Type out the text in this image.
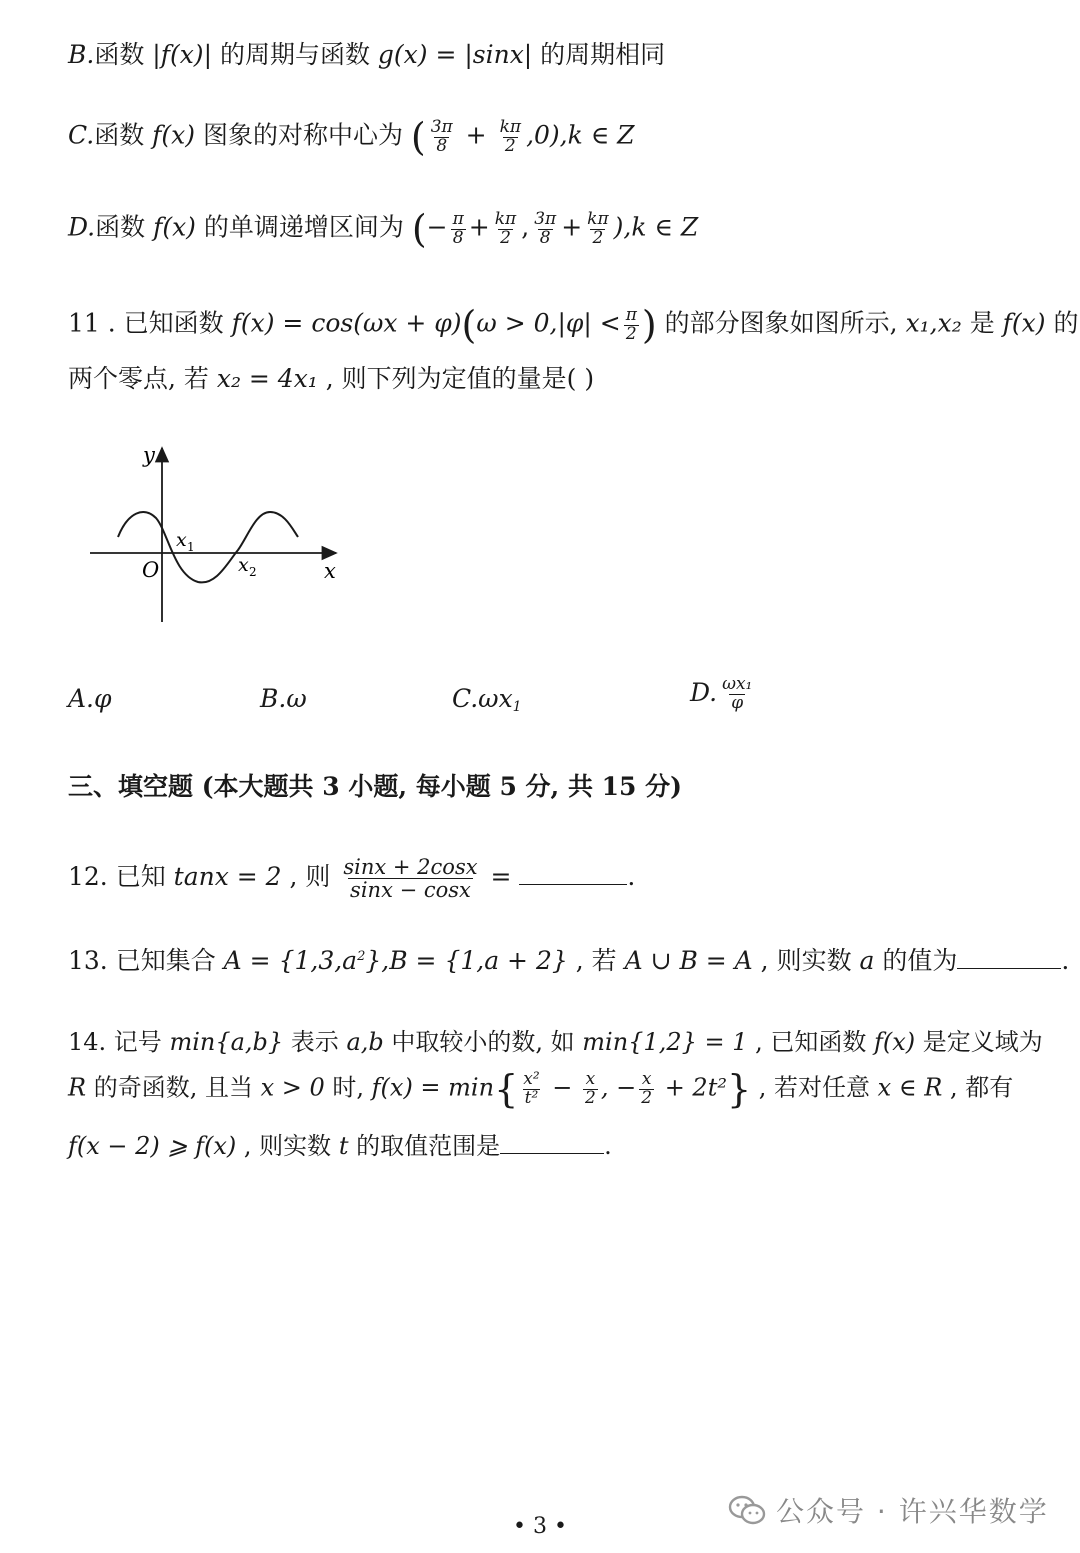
B.函数 |f(x)| 的周期与函数 g(x) = |sinx| 的周期相同
C.函数 f(x) 图象的对称中心为 ( $\frac{3\pi}{8} + \frac{k\pi}{2} ,0),k$ ∈ Z
D.函数 f(x) 的单调递增区间为 (− $\frac{\pi}{8} + \frac{k\pi}{2}$ , $\frac{3\pi}{8} + \frac{k\pi}{2} ),k$ ∈ Z
11 . 已知函数 $f(x) = \cos(\omega x + \varphi)(\omega > 0,|\varphi| < \frac{\pi}{2}$ ) 的部分图象如图所示, x₁,x₂ 是 f(x) 的
两个零点, 若 x₂ = 4x₁ , 则下列为定值的量是( )
y
x
O
x 1
x 2
A.φ	B.ω	$C.\omega x_1$
D. $\frac{\text{ωx₁}}{\varphi}$
三、填空题 (本大题共 3 小题, 每小题 5 分, 共 15 分)
12. 已知 tanx = 2 , 则 $\frac{\sin x + 2\cos x}{\sin x - \cos x}$ =	.
13. 已知集合 $A = \{1,3,a^2\},B = \{1,a + 2\}$ , 若 A ∪ B = A , 则实数 a 的值为	.
14. 记号 min{a,b} 表示 a,b 中取较小的数, 如 min{1,2} = 1 , 已知函数 f(x) 是定义域为
R 的奇函数, 且当 x > 0 时, $f(x) = \min\{ \frac{\text{x²}}{\text{t²}} - \frac{x}{2}$ , − $\frac{x}{2} + 2t^2$} , 若对任意 x ∈ R , 都有
f(x − 2) ⩾ f(x) , 则实数 t 的取值范围是	.
公众号 · 许兴华数学
• 3 •
